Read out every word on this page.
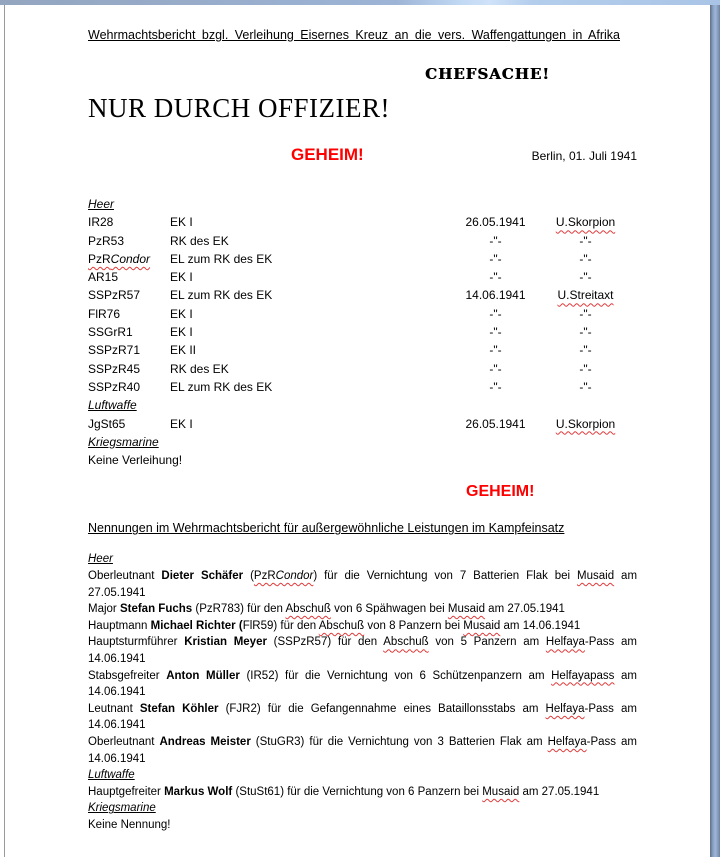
Wehrmachtsbericht bzgl. Verleihung Eisernes Kreuz an die vers. Waffengattungen in Afrika
CHEFSACHE!
NUR DURCH OFFIZIER!
GEHEIM!	Berlin, 01. Juli 1941
Heer
IR28	EK I	26.05.1941	U.Skorpion
PzR53	RK des EK	-"-	-"-
PzRCondor	EL zum RK des EK	-"-	-"-
AR15	EK I	-"-	-"-
SSPzR57	EL zum RK des EK	14.06.1941	U.Streitaxt
FlR76	EK I	-"-	-"-
SSGrR1	EK I	-"-	-"-
SSPzR71	EK II	-"-	-"-
SSPzR45	RK des EK	-"-	-"-
SSPzR40	EL zum RK des EK	-"-	-"-
Luftwaffe
JgSt65	EK I	26.05.1941	U.Skorpion
Kriegsmarine
Keine Verleihung!
GEHEIM!
Nennungen im Wehrmachtsbericht für außergewöhnliche Leistungen im Kampfeinsatz
Heer
Oberleutnant Dieter Schäfer (PzRCondor) für die Vernichtung von 7 Batterien Flak bei Musaid am
27.05.1941
Major Stefan Fuchs (PzR783) für den Abschuß von 6 Spähwagen bei Musaid am 27.05.1941
Hauptmann Michael Richter (FlR59) für den Abschuß von 8 Panzern bei Musaid am 14.06.1941
Hauptsturmführer Kristian Meyer (SSPzR57) für den Abschuß von 5 Panzern am Helfaya-Pass am
14.06.1941
Stabsgefreiter Anton Müller (IR52) für die Vernichtung von 6 Schützenpanzern am Helfayapass am
14.06.1941
Leutnant Stefan Köhler (FJR2) für die Gefangennahme eines Bataillonsstabs am Helfaya-Pass am
14.06.1941
Oberleutnant Andreas Meister (StuGR3) für die Vernichtung von 3 Batterien Flak am Helfaya-Pass am
14.06.1941
Luftwaffe
Hauptgefreiter Markus Wolf (StuSt61) für die Vernichtung von 6 Panzern bei Musaid am 27.05.1941
Kriegsmarine
Keine Nennung!
